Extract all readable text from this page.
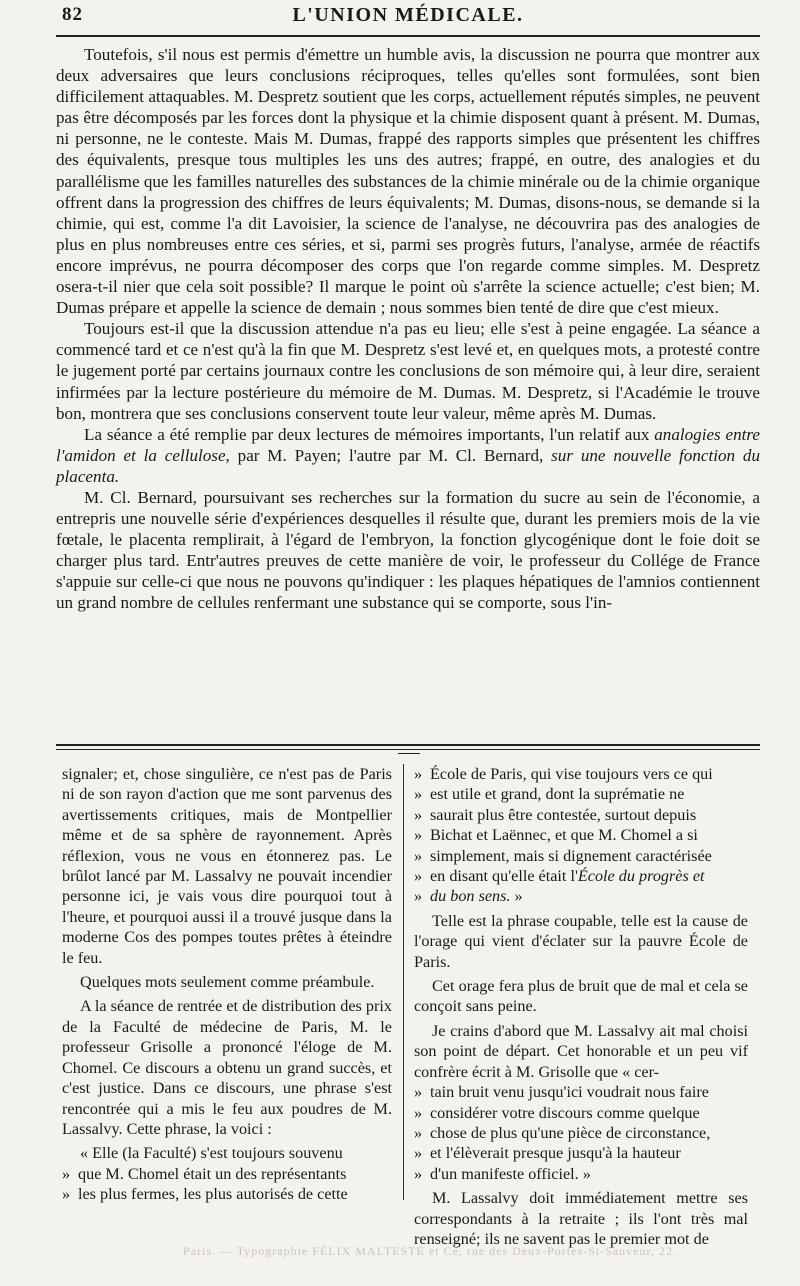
82	L'UNION MÉDICALE.

Toutefois, s'il nous est permis d'émettre un humble avis, la discussion ne pourra que montrer aux deux adversaires que leurs conclusions réciproques, telles qu'elles sont formulées, sont bien difficilement attaquables. M. Despretz soutient que les corps, actuellement réputés simples, ne peuvent pas être décomposés par les forces dont la physique et la chimie disposent quant à présent. M. Dumas, ni personne, ne le conteste. Mais M. Dumas, frappé des rapports simples que présentent les chiffres des équivalents, presque tous multiples les uns des autres; frappé, en outre, des analogies et du parallélisme que les familles naturelles des substances de la chimie minérale ou de la chimie organique offrent dans la progression des chiffres de leurs équivalents; M. Dumas, disons-nous, se demande si la chimie, qui est, comme l'a dit Lavoisier, la science de l'analyse, ne découvrira pas des analogies de plus en plus nombreuses entre ces séries, et si, parmi ses progrès futurs, l'analyse, armée de réactifs encore imprévus, ne pourra décomposer des corps que l'on regarde comme simples. M. Despretz osera-t-il nier que cela soit possible? Il marque le point où s'arrête la science actuelle; c'est bien; M. Dumas prépare et appelle la science de demain ; nous sommes bien tenté de dire que c'est mieux.

Toujours est-il que la discussion attendue n'a pas eu lieu; elle s'est à peine engagée. La séance a commencé tard et ce n'est qu'à la fin que M. Despretz s'est levé et, en quelques mots, a protesté contre le jugement porté par certains journaux contre les conclusions de son mémoire qui, à leur dire, seraient infirmées par la lecture postérieure du mémoire de M. Dumas. M. Despretz, si l'Académie le trouve bon, montrera que ses conclusions conservent toute leur valeur, même après M. Dumas.

La séance a été remplie par deux lectures de mémoires importants, l'un relatif aux analogies entre l'amidon et la cellulose, par M. Payen; l'autre par M. Cl. Bernard, sur une nouvelle fonction du placenta.

M. Cl. Bernard, poursuivant ses recherches sur la formation du sucre au sein de l'économie, a entrepris une nouvelle série d'expériences desquelles il résulte que, durant les premiers mois de la vie fœtale, le placenta remplirait, à l'égard de l'embryon, la fonction glycogénique dont le foie doit se charger plus tard. Entr'autres preuves de cette manière de voir, le professeur du Collége de France s'appuie sur celle-ci que nous ne pouvons qu'indiquer : les plaques hépatiques de l'amnios contiennent un grand nombre de cellules renfermant une substance qui se comporte, sous l'in-

signaler; et, chose singulière, ce n'est pas de Paris ni de son rayon d'action que me sont parvenus des avertissements critiques, mais de Montpellier même et de sa sphère de rayonnement. Après réflexion, vous ne vous en étonnerez pas. Le brûlot lancé par M. Lassalvy ne pouvait incendier personne ici, je vais vous dire pourquoi tout à l'heure, et pourquoi aussi il a trouvé jusque dans la moderne Cos des pompes toutes prêtes à éteindre le feu.

Quelques mots seulement comme préambule.

A la séance de rentrée et de distribution des prix de la Faculté de médecine de Paris, M. le professeur Grisolle a prononcé l'éloge de M. Chomel. Ce discours a obtenu un grand succès, et c'est justice. Dans ce discours, une phrase s'est rencontrée qui a mis le feu aux poudres de M. Lassalvy. Cette phrase, la voici :

« Elle (la Faculté) s'est toujours souvenu

» que M. Chomel était un des représentants

» les plus fermes, les plus autorisés de cette

» École de Paris, qui vise toujours vers ce qui
» est utile et grand, dont la suprématie ne
» saurait plus être contestée, surtout depuis
» Bichat et Laënnec, et que M. Chomel a si
» simplement, mais si dignement caractérisée
» en disant qu'elle était l'École du progrès et
» du bon sens. »

Telle est la phrase coupable, telle est la cause de l'orage qui vient d'éclater sur la pauvre École de Paris.

Cet orage fera plus de bruit que de mal et cela se conçoit sans peine.

Je crains d'abord que M. Lassalvy ait mal choisi son point de départ. Cet honorable et un peu vif confrère écrit à M. Grisolle que « cer-

» tain bruit venu jusqu'ici voudrait nous faire
» considérer votre discours comme quelque
» chose de plus qu'une pièce de circonstance,
» et l'élèverait presque jusqu'à la hauteur
» d'un manifeste officiel. »

M. Lassalvy doit immédiatement mettre ses correspondants à la retraite ; ils l'ont très mal renseigné; ils ne savent pas le premier mot de

Paris. — Typographie FÉLIX MALTESTE et Ce, rue des Deux-Portes-St-Sauveur, 22.
